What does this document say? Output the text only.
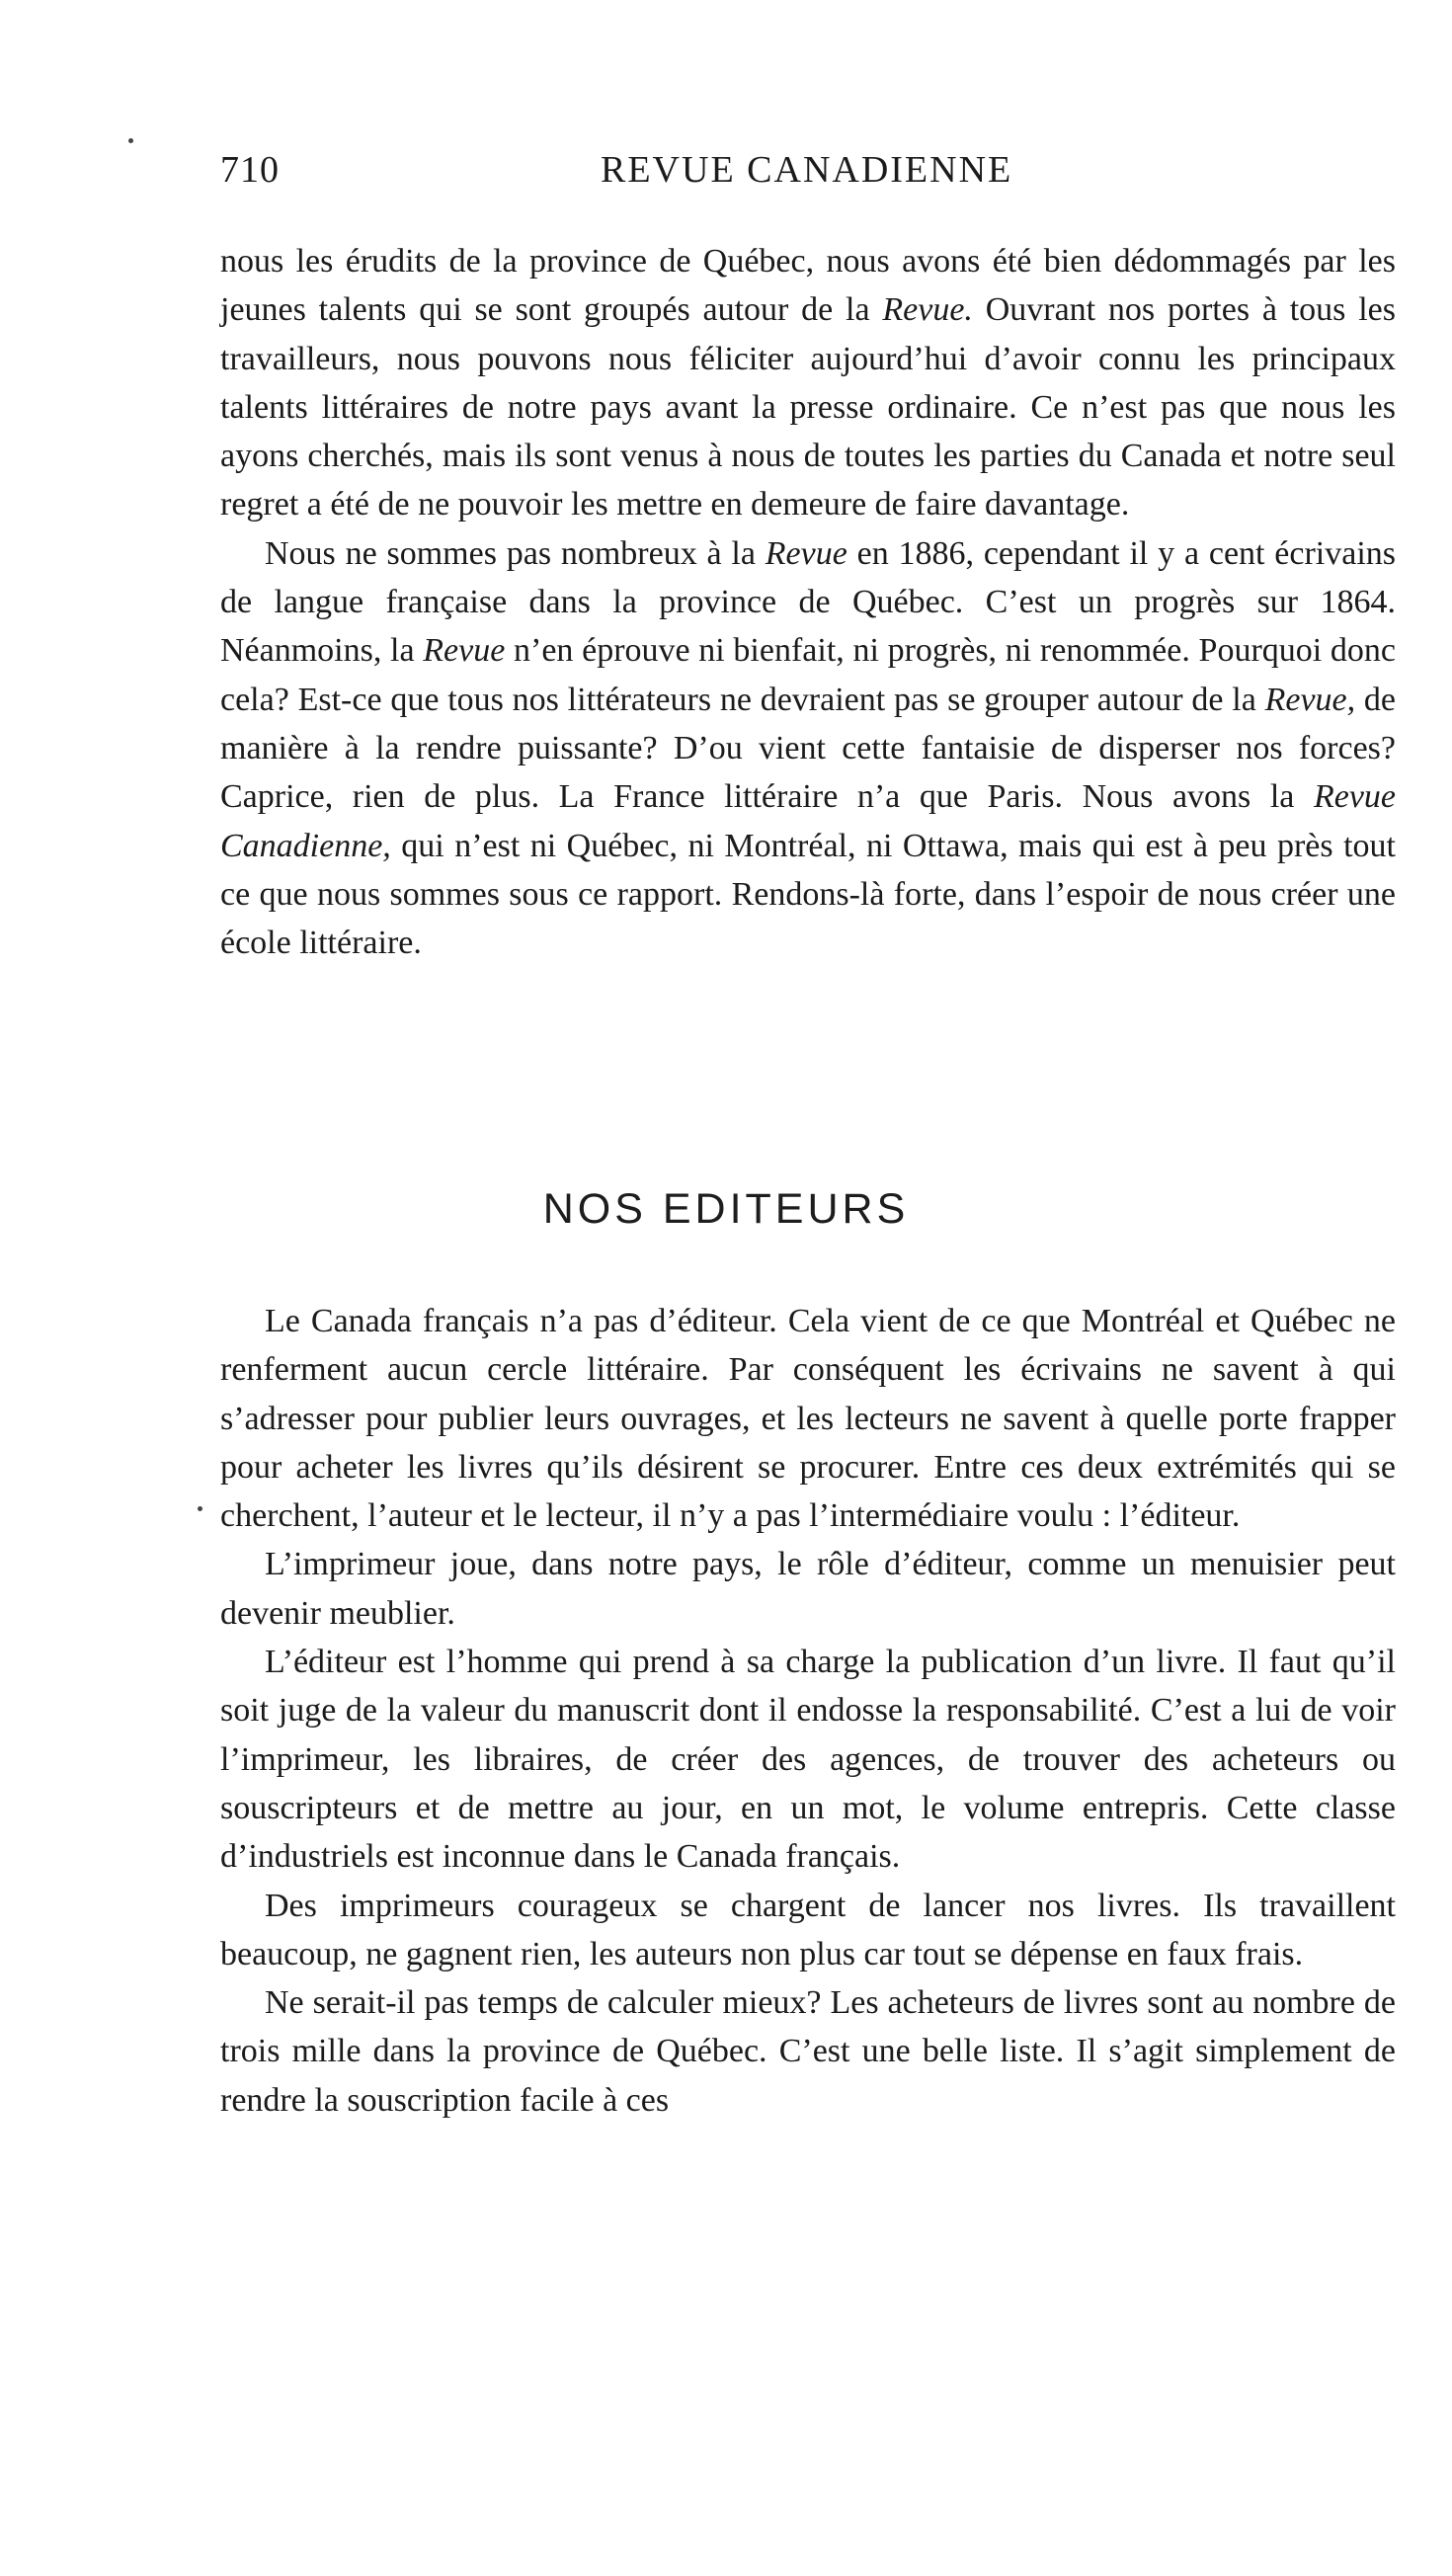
710	REVUE CANADIENNE

nous les érudits de la province de Québec, nous avons été bien dédommagés par les jeunes talents qui se sont groupés autour de la Revue. Ouvrant nos portes à tous les travailleurs, nous pouvons nous féliciter aujourd’hui d’avoir connu les principaux talents littéraires de notre pays avant la presse ordinaire. Ce n’est pas que nous les ayons cherchés, mais ils sont venus à nous de toutes les parties du Canada et notre seul regret a été de ne pouvoir les mettre en demeure de faire davantage.

Nous ne sommes pas nombreux à la Revue en 1886, cependant il y a cent écrivains de langue française dans la province de Québec. C’est un progrès sur 1864. Néanmoins, la Revue n’en éprouve ni bienfait, ni progrès, ni renommée. Pourquoi donc cela? Est-ce que tous nos littérateurs ne devraient pas se grouper autour de la Revue, de manière à la rendre puissante? D’ou vient cette fantaisie de disperser nos forces? Caprice, rien de plus. La France littéraire n’a que Paris. Nous avons la Revue Canadienne, qui n’est ni Québec, ni Montréal, ni Ottawa, mais qui est à peu près tout ce que nous sommes sous ce rapport. Rendons-là forte, dans l’espoir de nous créer une école littéraire.

NOS EDITEURS

Le Canada français n’a pas d’éditeur. Cela vient de ce que Montréal et Québec ne renferment aucun cercle littéraire. Par conséquent les écrivains ne savent à qui s’adresser pour publier leurs ouvrages, et les lecteurs ne savent à quelle porte frapper pour acheter les livres qu’ils désirent se procurer. Entre ces deux extrémités qui se cherchent, l’auteur et le lecteur, il n’y a pas l’intermédiaire voulu : l’éditeur.

L’imprimeur joue, dans notre pays, le rôle d’éditeur, comme un menuisier peut devenir meublier.

L’éditeur est l’homme qui prend à sa charge la publication d’un livre. Il faut qu’il soit juge de la valeur du manuscrit dont il endosse la responsabilité. C’est a lui de voir l’imprimeur, les libraires, de créer des agences, de trouver des acheteurs ou souscripteurs et de mettre au jour, en un mot, le volume entrepris. Cette classe d’industriels est inconnue dans le Canada français.

Des imprimeurs courageux se chargent de lancer nos livres. Ils travaillent beaucoup, ne gagnent rien, les auteurs non plus car tout se dépense en faux frais.

Ne serait-il pas temps de calculer mieux? Les acheteurs de livres sont au nombre de trois mille dans la province de Québec. C’est une belle liste. Il s’agit simplement de rendre la souscription facile à ces
